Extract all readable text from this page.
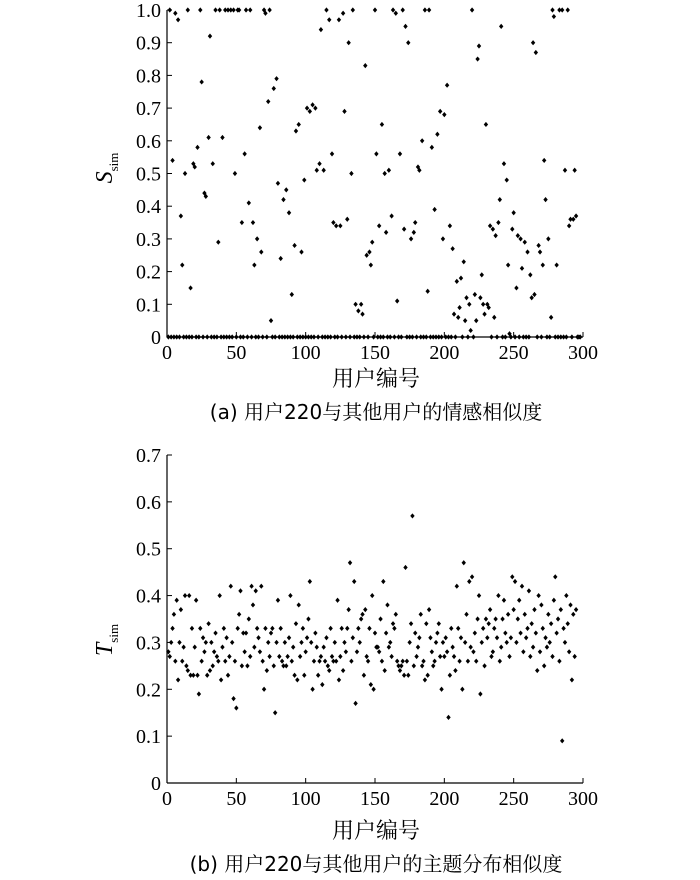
0	50 100 150 200 250 300
0
0.1
0.2
0.3
0.4
0.5
0.6
0.7
0.8
0.9
1.0
$S_{sim}$
用户编号
(a) 用户220与其他用户的情感相似度
0	50 100 150 200 250 300
0
0.1
0.2
0.3
0.4
0.5
0.6
0.7
$T_{sim}$
用户编号
(b) 用户220与其他用户的主题分布相似度
